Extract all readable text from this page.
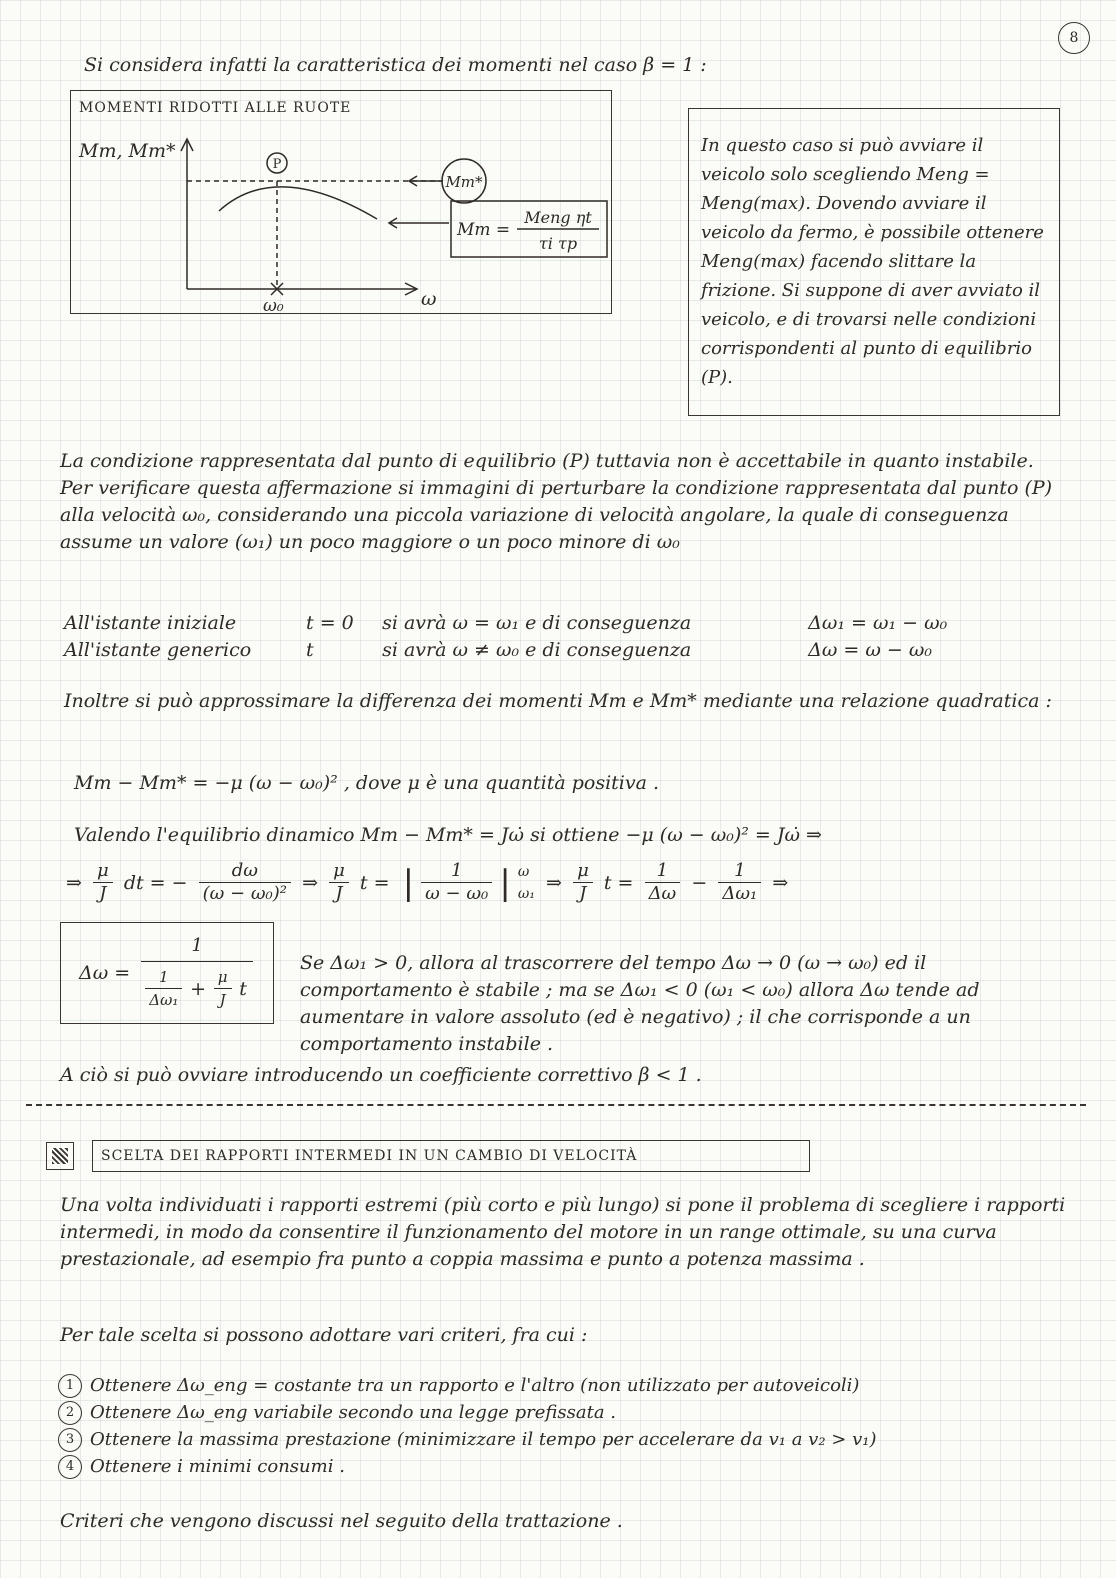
8
Si considera infatti la caratteristica dei momenti nel caso β = 1 :
MOMENTI RIDOTTI ALLE RUOTE
Mm, Mm*
ω
ω₀
P
Mm*
Mm =
Meng ηt
τi τp
In questo caso si può avviare il veicolo solo scegliendo Meng = Meng(max). Dovendo avviare il veicolo da fermo, è possibile ottenere Meng(max) facendo slittare la frizione. Si suppone di aver avviato il veicolo, e di trovarsi nelle condizioni corrispondenti al punto di equilibrio (P).
La condizione rappresentata dal punto di equilibrio (P) tuttavia non è accettabile in quanto instabile. Per verificare questa affermazione si immagini di perturbare la condizione rappresentata dal punto (P) alla velocità ω₀, considerando una piccola variazione di velocità angolare, la quale di conseguenza assume un valore (ω₁) un poco maggiore o un poco minore di ω₀
All'istante iniziale	t = 0 si avrà ω = ω₁ e di conseguenza	Δω₁ = ω₁ − ω₀
All'istante generico	t	si avrà ω ≠ ω₀ e di conseguenza	Δω = ω − ω₀
Inoltre si può approssimare la differenza dei momenti Mm e Mm* mediante una relazione quadratica :
Mm − Mm* = −μ (ω − ω₀)² , dove μ è una quantità positiva .
Valendo l'equilibrio dinamico Mm − Mm* = Jω̇ si ottiene −μ (ω − ω₀)² = Jω̇ ⇒
⇒ $\frac{\mu}{J}$ dt = − $\frac{d\omega}{\text{(ω − ω₀)²}}$ ⇒ $\frac{\mu}{J}$ t = | $\frac{1}{\text{ω − ω₀}}$ | ω
ω₁ ⇒ $\frac{\mu}{J}$ $t = \frac{1}{\Delta\omega} - \frac{1}{\text{Δω₁}}$ ⇒
$\Delta\omega = \frac{1}{\frac{1}{\text{Δω₁}} + \frac{\mu}{J} t}$ Se Δω₁ > 0, allora al trascorrere del tempo Δω → 0 (ω → ω₀) ed il comportamento è stabile ; ma se Δω₁ < 0 (ω₁ < ω₀) allora Δω tende ad aumentare in valore assoluto (ed è negativo) ; il che corrisponde a un comportamento instabile .
A ciò si può ovviare introducendo un coefficiente correttivo β < 1 .
SCELTA DEI RAPPORTI INTERMEDI IN UN CAMBIO DI VELOCITÀ
Una volta individuati i rapporti estremi (più corto e più lungo) si pone il problema di scegliere i rapporti intermedi, in modo da consentire il funzionamento del motore in un range ottimale, su una curva prestazionale, ad esempio fra punto a coppia massima e punto a potenza massima .
Per tale scelta si possono adottare vari criteri, fra cui :
1 Ottenere Δω_eng = costante tra un rapporto e l'altro (non utilizzato per autoveicoli)
2 Ottenere Δω_eng variabile secondo una legge prefissata .
3 Ottenere la massima prestazione (minimizzare il tempo per accelerare da v₁ a v₂ > v₁)
4 Ottenere i minimi consumi .
Criteri che vengono discussi nel seguito della trattazione .
